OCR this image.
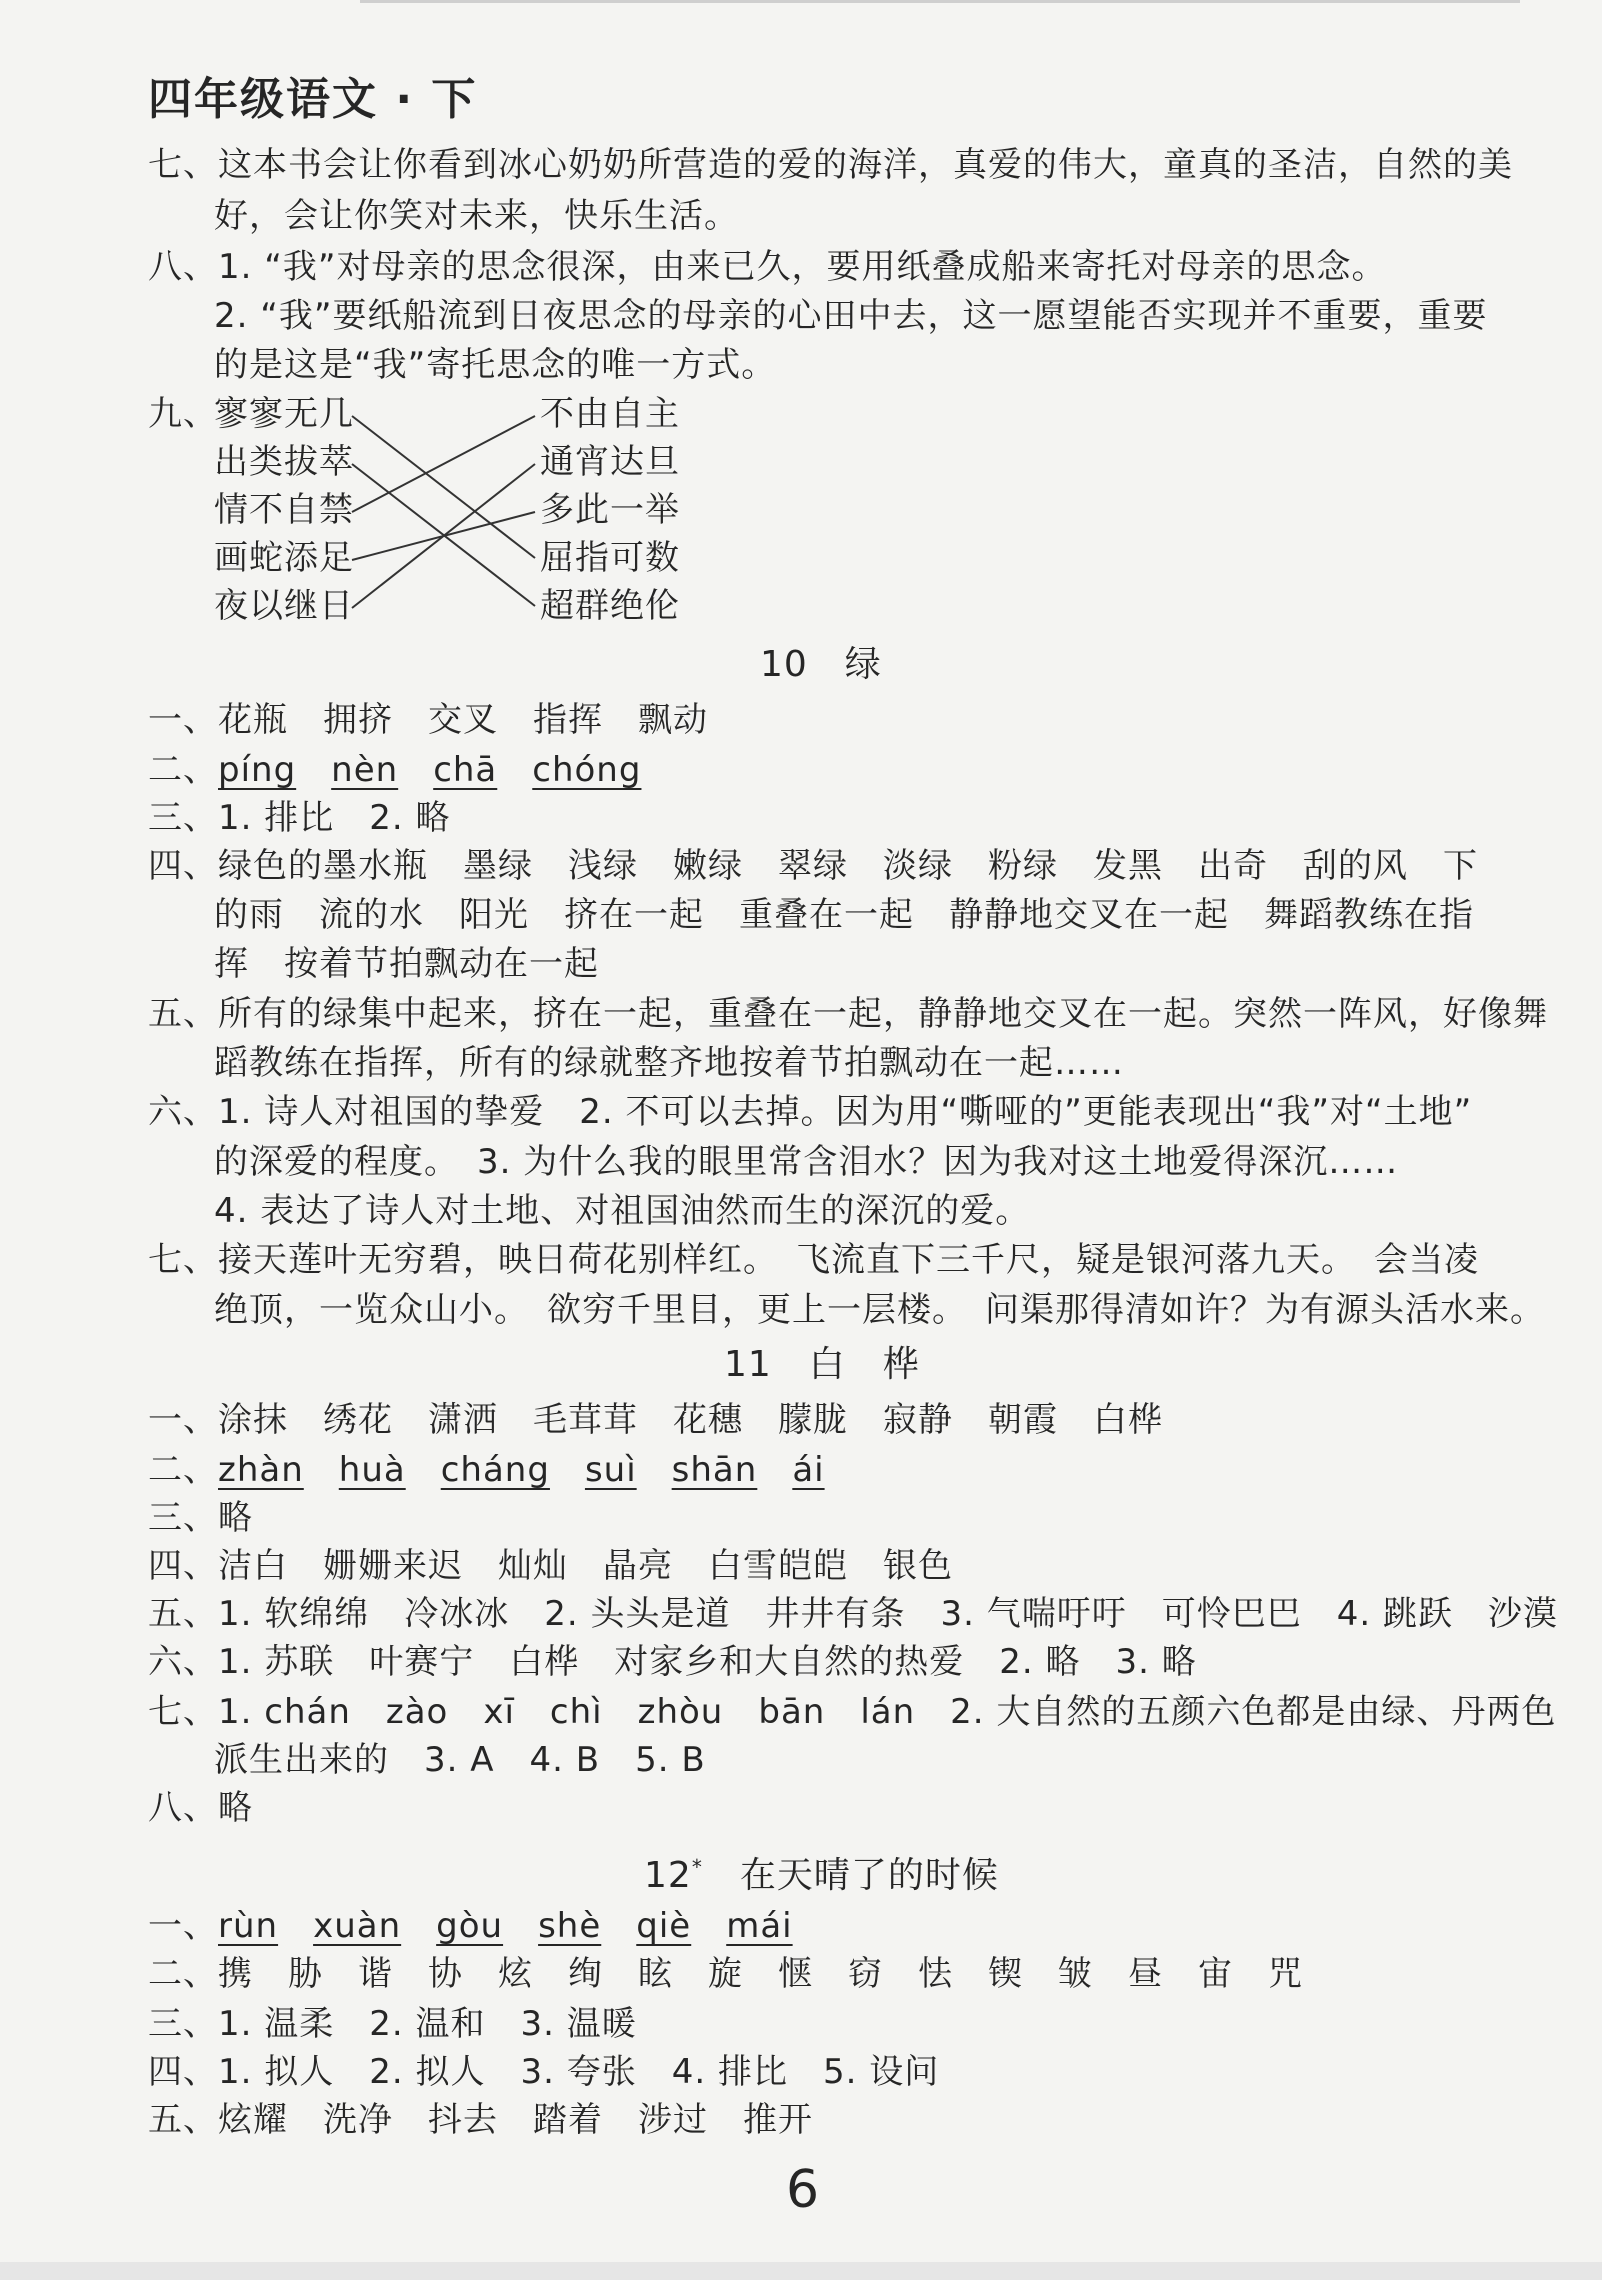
四年级语文 · 下
七、这本书会让你看到冰心奶奶所营造的爱的海洋，真爱的伟大，童真的圣洁，自然的美
好，会让你笑对未来，快乐生活。
八、1. “我”对母亲的思念很深，由来已久，要用纸叠成船来寄托对母亲的思念。
2. “我”要纸船流到日夜思念的母亲的心田中去，这一愿望能否实现并不重要，重要
的是这是“我”寄托思念的唯一方式。
九、
寥寥无几
出类拔萃
情不自禁
画蛇添足
夜以继日
不由自主
通宵达旦
多此一举
屈指可数
超群绝伦
10　绿
一、花瓶　拥挤　交叉　指挥　飘动
二、píng　 nèn　 chā　 chóng
三、1. 排比　2. 略
四、绿色的墨水瓶　墨绿　浅绿　嫩绿　翠绿　淡绿　粉绿　发黑　出奇　刮的风　下
的雨　流的水　阳光　挤在一起　重叠在一起　静静地交叉在一起　舞蹈教练在指
挥　按着节拍飘动在一起
五、所有的绿集中起来，挤在一起，重叠在一起，静静地交叉在一起。突然一阵风，好像舞
蹈教练在指挥，所有的绿就整齐地按着节拍飘动在一起……
六、1. 诗人对祖国的挚爱　2. 不可以去掉。因为用“嘶哑的”更能表现出“我”对“土地”
的深爱的程度。　3. 为什么我的眼里常含泪水？因为我对这土地爱得深沉……
4. 表达了诗人对土地、对祖国油然而生的深沉的爱。
七、接天莲叶无穷碧，映日荷花别样红。　飞流直下三千尺，疑是银河落九天。　会当凌
绝顶，一览众山小。　欲穷千里目，更上一层楼。　问渠那得清如许？为有源头活水来。
11　白　桦
一、涂抹　绣花　潇洒　毛茸茸　花穗　朦胧　寂静　朝霞　白桦
二、zhàn　 huà　 cháng　 suì　 shān　 ái
三、略
四、洁白　姗姗来迟　灿灿　晶亮　白雪皑皑　银色
五、1. 软绵绵　冷冰冰　2. 头头是道　井井有条　3. 气喘吁吁　可怜巴巴　4. 跳跃　沙漠
六、1. 苏联　叶赛宁　白桦　对家乡和大自然的热爱　2. 略　3. 略
七、1. chán　zào　xī　chì　zhòu　bān　lán　2. 大自然的五颜六色都是由绿、丹两色
派生出来的　3. A　4. B　5. B
八、略
12*　 在天晴了的时候
一、rùn　 xuàn　 gòu　 shè　 qiè　 mái
二、携　胁　谐　协　炫　绚　眩　旋　惬　窃　怯　锲　皱　昼　宙　咒
三、1. 温柔　2. 温和　3. 温暖
四、1. 拟人　2. 拟人　3. 夸张　4. 排比　5. 设问
五、炫耀　洗净　抖去　踏着　涉过　推开
6
